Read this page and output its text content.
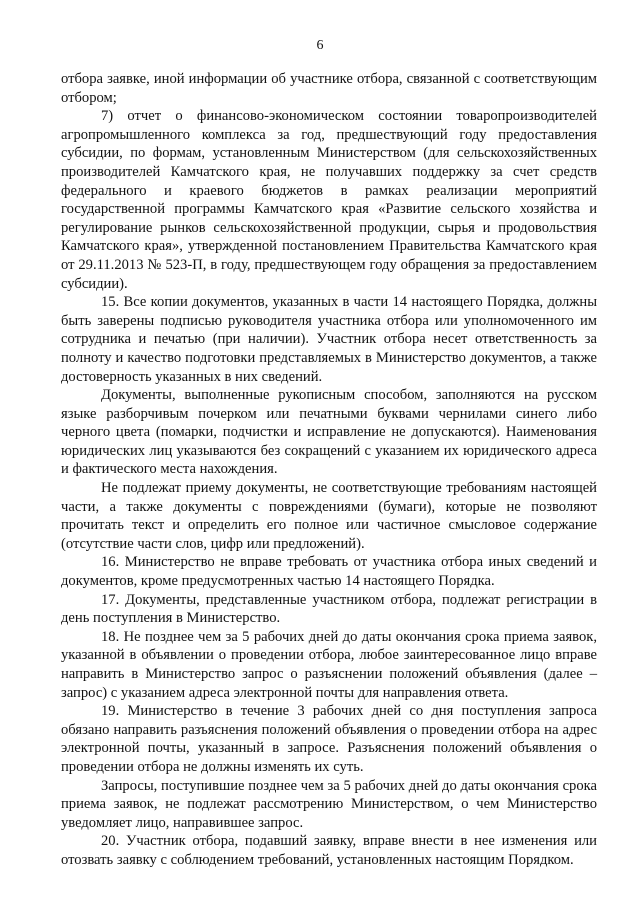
6

отбора заявке, иной информации об участнике отбора, связанной с соответствующим отбором;

7) отчет о финансово-экономическом состоянии товаропроизводителей агропромышленного комплекса за год, предшествующий году предоставления субсидии, по формам, установленным Министерством (для сельскохозяйственных производителей Камчатского края, не получавших поддержку за счет средств федерального и краевого бюджетов в рамках реализации мероприятий государственной программы Камчатского края «Развитие сельского хозяйства и регулирование рынков сельскохозяйственной продукции, сырья и продовольствия Камчатского края», утвержденной постановлением Правительства Камчатского края от 29.11.2013 № 523-П, в году, предшествующем году обращения за предоставлением субсидии).

15. Все копии документов, указанных в части 14 настоящего Порядка, должны быть заверены подписью руководителя участника отбора или уполномоченного им сотрудника и печатью (при наличии). Участник отбора несет ответственность за полноту и качество подготовки представляемых в Министерство документов, а также достоверность указанных в них сведений.

Документы, выполненные рукописным способом, заполняются на русском языке разборчивым почерком или печатными буквами чернилами синего либо черного цвета (помарки, подчистки и исправление не допускаются). Наименования юридических лиц указываются без сокращений с указанием их юридического адреса и фактического места нахождения.

Не подлежат приему документы, не соответствующие требованиям настоящей части, а также документы с повреждениями (бумаги), которые не позволяют прочитать текст и определить его полное или частичное смысловое содержание (отсутствие части слов, цифр или предложений).

16. Министерство не вправе требовать от участника отбора иных сведений и документов, кроме предусмотренных частью 14 настоящего Порядка.

17. Документы, представленные участником отбора, подлежат регистрации в день поступления в Министерство.

18. Не позднее чем за 5 рабочих дней до даты окончания срока приема заявок, указанной в объявлении о проведении отбора, любое заинтересованное лицо вправе направить в Министерство запрос о разъяснении положений объявления (далее – запрос) с указанием адреса электронной почты для направления ответа.

19. Министерство в течение 3 рабочих дней со дня поступления запроса обязано направить разъяснения положений объявления о проведении отбора на адрес электронной почты, указанный в запросе. Разъяснения положений объявления о проведении отбора не должны изменять их суть.

Запросы, поступившие позднее чем за 5 рабочих дней до даты окончания срока приема заявок, не подлежат рассмотрению Министерством, о чем Министерство уведомляет лицо, направившее запрос.

20. Участник отбора, подавший заявку, вправе внести в нее изменения или отозвать заявку с соблюдением требований, установленных настоящим Порядком.
